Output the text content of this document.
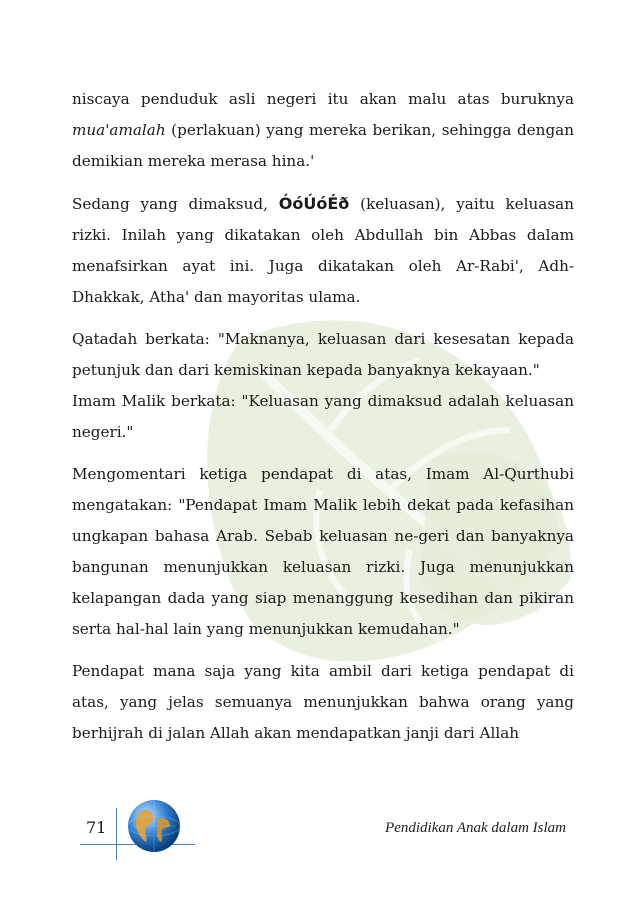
niscaya penduduk asli negeri itu akan malu atas buruknya
mua'amalah (perlakuan) yang mereka berikan, sehingga dengan demikian mereka merasa hina.'

Sedang yang dimaksud, ÓóÚóÉð (keluasan), yaitu keluasan rizki. Inilah yang dikatakan oleh Abdullah bin Abbas dalam menafsirkan ayat ini. Juga dikatakan oleh Ar-Rabi', Adh-Dhakkak, Atha' dan mayoritas ulama.

Qatadah berkata: "Maknanya, keluasan dari kesesatan kepada petunjuk dan dari kemiskinan kepada banyaknya kekayaan."

Imam Malik berkata: "Keluasan yang dimaksud adalah keluasan negeri."

Mengomentari ketiga pendapat di atas, Imam Al-Qurthubi mengatakan: "Pendapat Imam Malik lebih dekat pada kefasihan ungkapan bahasa Arab. Sebab keluasan ne-geri dan banyaknya bangunan menunjukkan keluasan rizki. Juga menunjukkan kelapangan dada yang siap menanggung kesedihan dan pikiran serta hal-hal lain yang menunjukkan kemudahan."

Pendapat mana saja yang kita ambil dari ketiga pendapat di atas, yang jelas semuanya menunjukkan bahwa orang yang berhijrah di jalan Allah akan mendapatkan janji dari Allah

71	Pendidikan Anak dalam Islam
